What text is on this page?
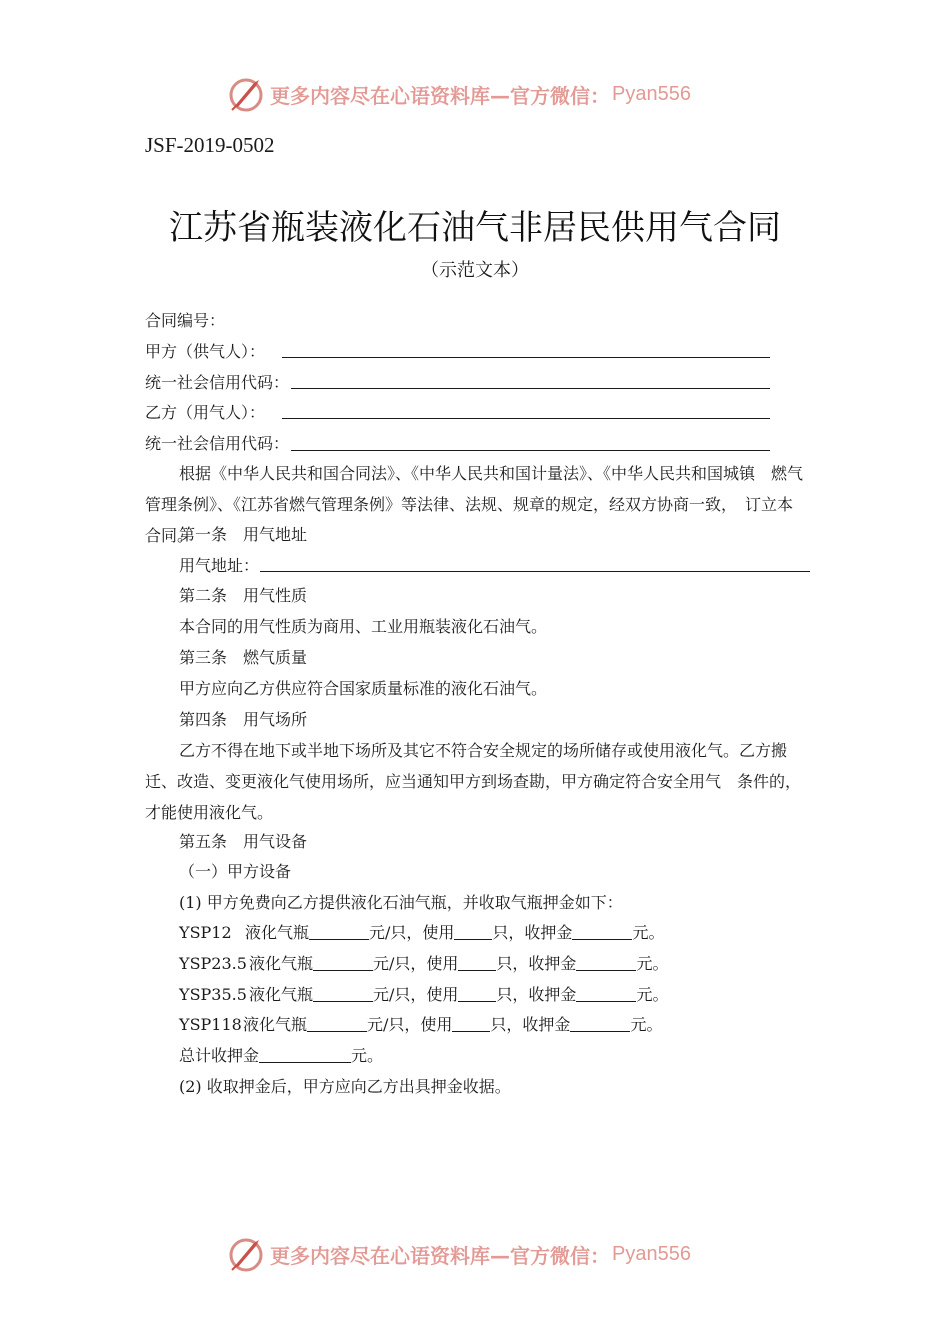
更多内容尽在心语资料库—官方微信： Pyan556
JSF-2019-0502
江苏省瓶装液化石油气非居民供用气合同
（示范文本）
合同编号：
甲方（供气人）：
统一社会信用代码：
乙方（用气人）：
统一社会信用代码：
根据《中华人民共和国合同法》、《中华人民共和国计量法》、《中华人民共和国城镇　燃气管理条例》、《江苏省燃气管理条例》等法律、法规、规章的规定，经双方协商一致，　订立本合同。
第一条　用气地址
用气地址：
第二条　用气性质
本合同的用气性质为商用、工业用瓶装液化石油气。
第三条　燃气质量
甲方应向乙方供应符合国家质量标准的液化石油气。
第四条　用气场所
乙方不得在地下或半地下场所及其它不符合安全规定的场所储存或使用液化气。乙方搬迁、改造、变更液化气使用场所，应当通知甲方到场查勘，甲方确定符合安全用气　条件的，才能使用液化气。
第五条　用气设备
（一）甲方设备
(1) 甲方免费向乙方提供液化石油气瓶，并收取气瓶押金如下：
YSP12 液化气瓶	元/只，使用 只，收押金	元。
YSP23.5 液化气瓶	元/只，使用 只，收押金	元。
YSP35.5 液化气瓶	元/只，使用 只，收押金	元。
YSP118液化气瓶	元/只，使用 只，收押金	元。
总计收押金	元。
(2) 收取押金后，甲方应向乙方出具押金收据。
更多内容尽在心语资料库—官方微信： Pyan556
